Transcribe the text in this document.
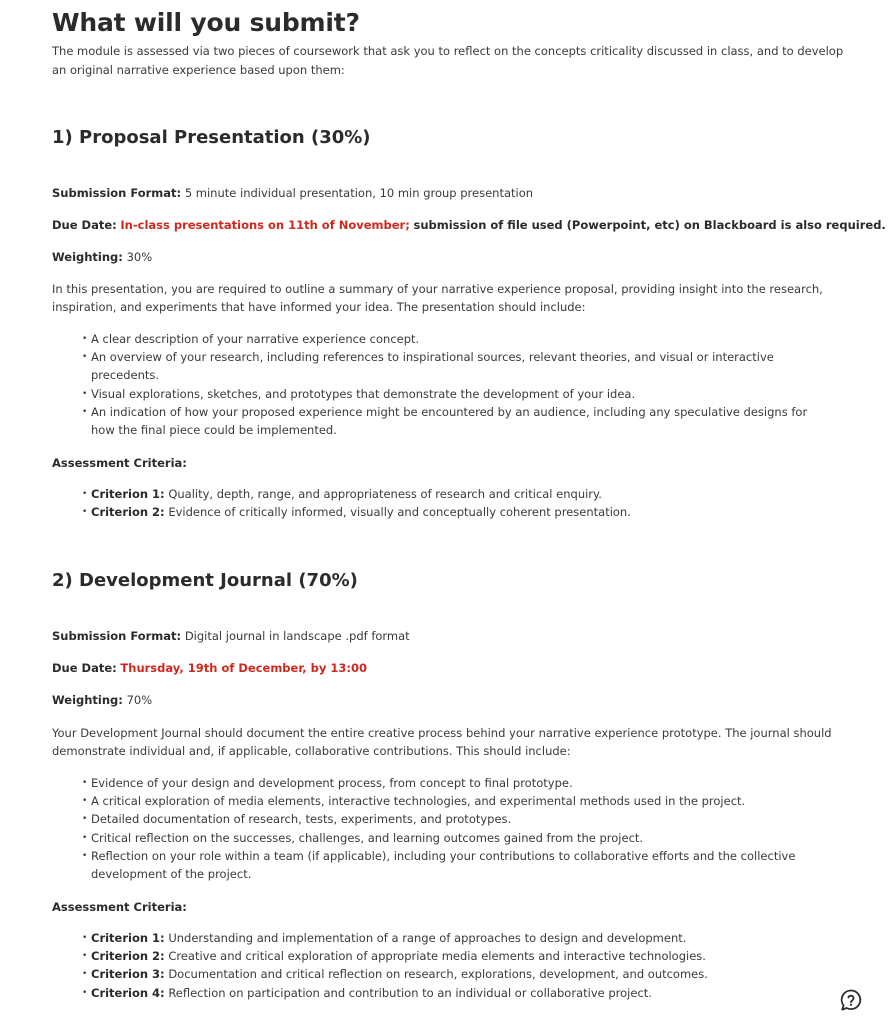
What will you submit?

The module is assessed via two pieces of coursework that ask you to reflect on the concepts criticality discussed in class, and to develop an original narrative experience based upon them:

1) Proposal Presentation (30%)

Submission Format: 5 minute individual presentation, 10 min group presentation

Due Date: In-class presentations on 11th of November; submission of file used (Powerpoint, etc) on Blackboard is also required.

Weighting: 30%

In this presentation, you are required to outline a summary of your narrative experience proposal, providing insight into the research, inspiration, and experiments that have informed your idea. The presentation should include:

• A clear description of your narrative experience concept.
• An overview of your research, including references to inspirational sources, relevant theories, and visual or interactive precedents.
• Visual explorations, sketches, and prototypes that demonstrate the development of your idea.
• An indication of how your proposed experience might be encountered by an audience, including any speculative designs for how the final piece could be implemented.

Assessment Criteria:

• Criterion 1: Quality, depth, range, and appropriateness of research and critical enquiry.
• Criterion 2: Evidence of critically informed, visually and conceptually coherent presentation.
2) Development Journal (70%)

Submission Format: Digital journal in landscape .pdf format

Due Date: Thursday, 19th of December, by 13:00

Weighting: 70%

Your Development Journal should document the entire creative process behind your narrative experience prototype. The journal should demonstrate individual and, if applicable, collaborative contributions. This should include:

• Evidence of your design and development process, from concept to final prototype.
• A critical exploration of media elements, interactive technologies, and experimental methods used in the project.
• Detailed documentation of research, tests, experiments, and prototypes.
• Critical reflection on the successes, challenges, and learning outcomes gained from the project.
• Reflection on your role within a team (if applicable), including your contributions to collaborative efforts and the collective development of the project.

Assessment Criteria:

• Criterion 1: Understanding and implementation of a range of approaches to design and development.
• Criterion 2: Creative and critical exploration of appropriate media elements and interactive technologies.
• Criterion 3: Documentation and critical reflection on research, explorations, development, and outcomes.
• Criterion 4: Reflection on participation and contribution to an individual or collaborative project.
